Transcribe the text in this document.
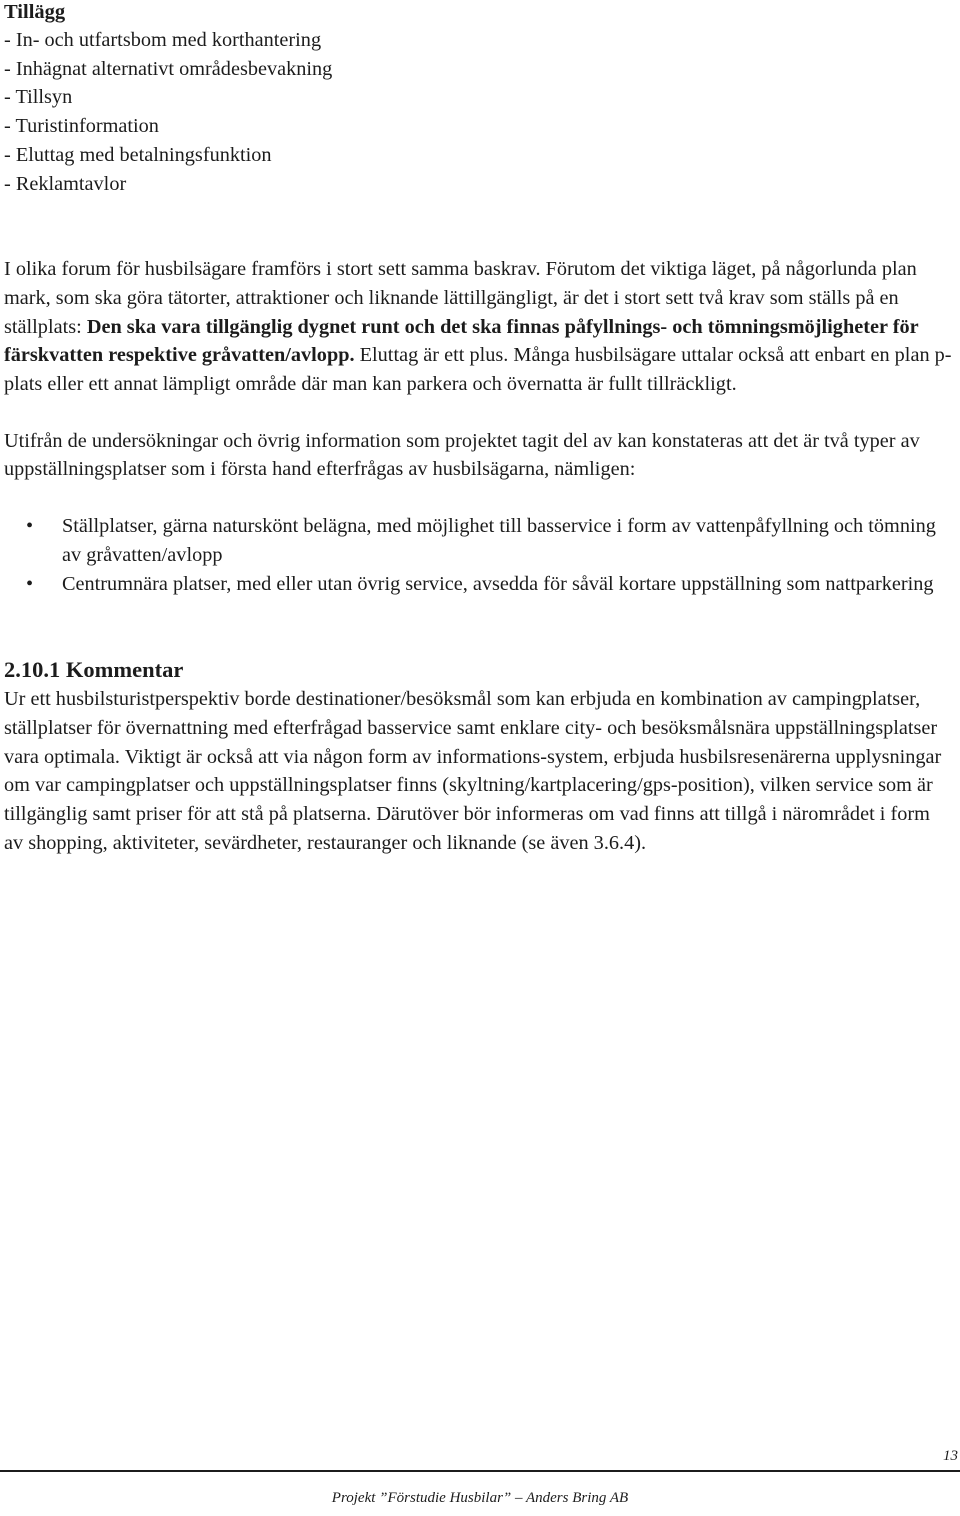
Tillägg
- In- och utfartsbom med korthantering
- Inhägnat alternativt områdesbevakning
- Tillsyn
- Turistinformation
- Eluttag med betalningsfunktion
- Reklamtavlor

I olika forum för husbilsägare framförs i stort sett samma baskrav. Förutom det viktiga läget, på någorlunda plan mark, som ska göra tätorter, attraktioner och liknande lättillgängligt, är det i stort sett två krav som ställs på en ställplats: Den ska vara tillgänglig dygnet runt och det ska finnas påfyllnings- och tömningsmöjligheter för färskvatten respektive gråvatten/avlopp. Eluttag är ett plus. Många husbilsägare uttalar också att enbart en plan p-plats eller ett annat lämpligt område där man kan parkera och övernatta är fullt tillräckligt.

Utifrån de undersökningar och övrig information som projektet tagit del av kan konstateras att det är två typer av uppställningsplatser som i första hand efterfrågas av husbilsägarna, nämligen:

• Ställplatser, gärna naturskönt belägna, med möjlighet till basservice i form av vattenpåfyllning och tömning av gråvatten/avlopp
• Centrumnära platser, med eller utan övrig service, avsedda för såväl kortare uppställning som nattparkering
2.10.1 Kommentar

Ur ett husbilsturistperspektiv borde destinationer/besöksmål som kan erbjuda en kombination av campingplatser, ställplatser för övernattning med efterfrågad basservice samt enklare city- och besöksmålsnära uppställningsplatser vara optimala. Viktigt är också att via någon form av informations-system, erbjuda husbilsresenärerna upplysningar om var campingplatser och uppställningsplatser finns (skyltning/kartplacering/gps-position), vilken service som är tillgänglig samt priser för att stå på platserna. Därutöver bör informeras om vad finns att tillgå i närområdet i form av shopping, aktiviteter, sevärdheter, restauranger och liknande (se även 3.6.4).

13
Projekt ”Förstudie Husbilar” – Anders Bring AB
